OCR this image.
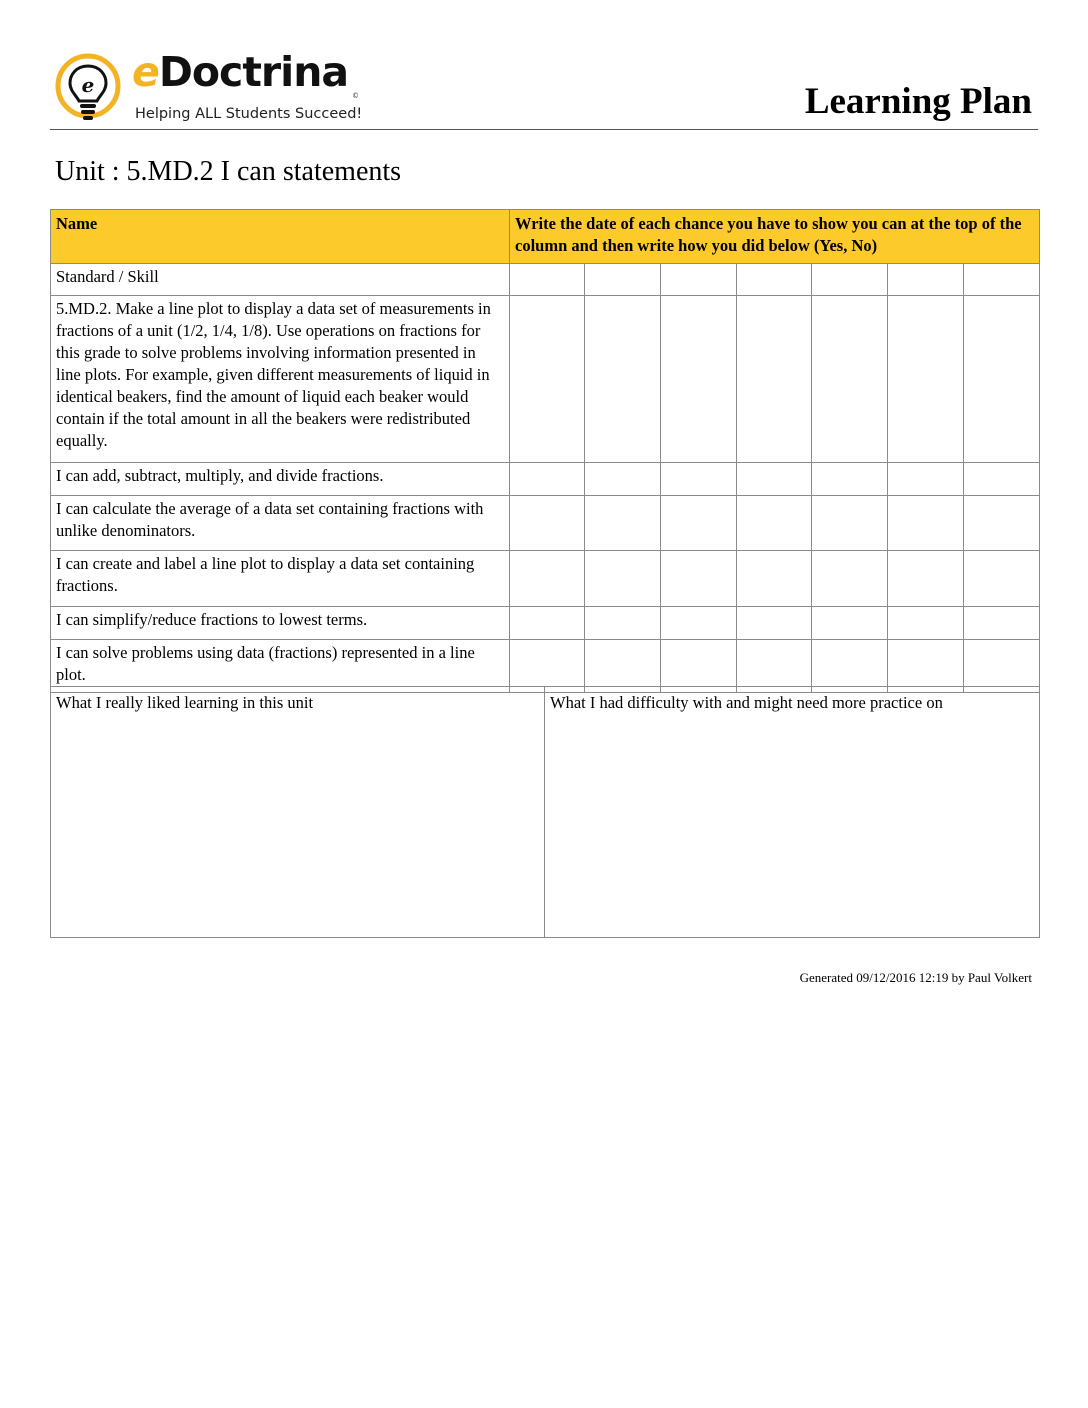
e eDoctrina ©
Helping ALL Students Succeed!	Learning Plan
Unit : 5.MD.2 I can statements
Name	Write the date of each chance you have to show you can at the top of the column and then write how you did below (Yes, No)						
Standard / Skill							
5.MD.2. Make a line plot to display a data set of measurements in fractions of a unit (1/2, 1/4, 1/8). Use operations on fractions for this grade to solve problems involving information presented in line plots. For example, given different measurements of liquid in identical beakers, find the amount of liquid each beaker would contain if the total amount in all the beakers were redistributed equally.							
I can add, subtract, multiply, and divide fractions.							
I can calculate the average of a data set containing fractions with unlike denominators.							
I can create and label a line plot to display a data set containing fractions.							
I can simplify/reduce fractions to lowest terms.							
I can solve problems using data (fractions) represented in a line plot.							
What I really liked learning in this unit	What I had difficulty with and might need more practice on
Generated 09/12/2016 12:19 by Paul Volkert
